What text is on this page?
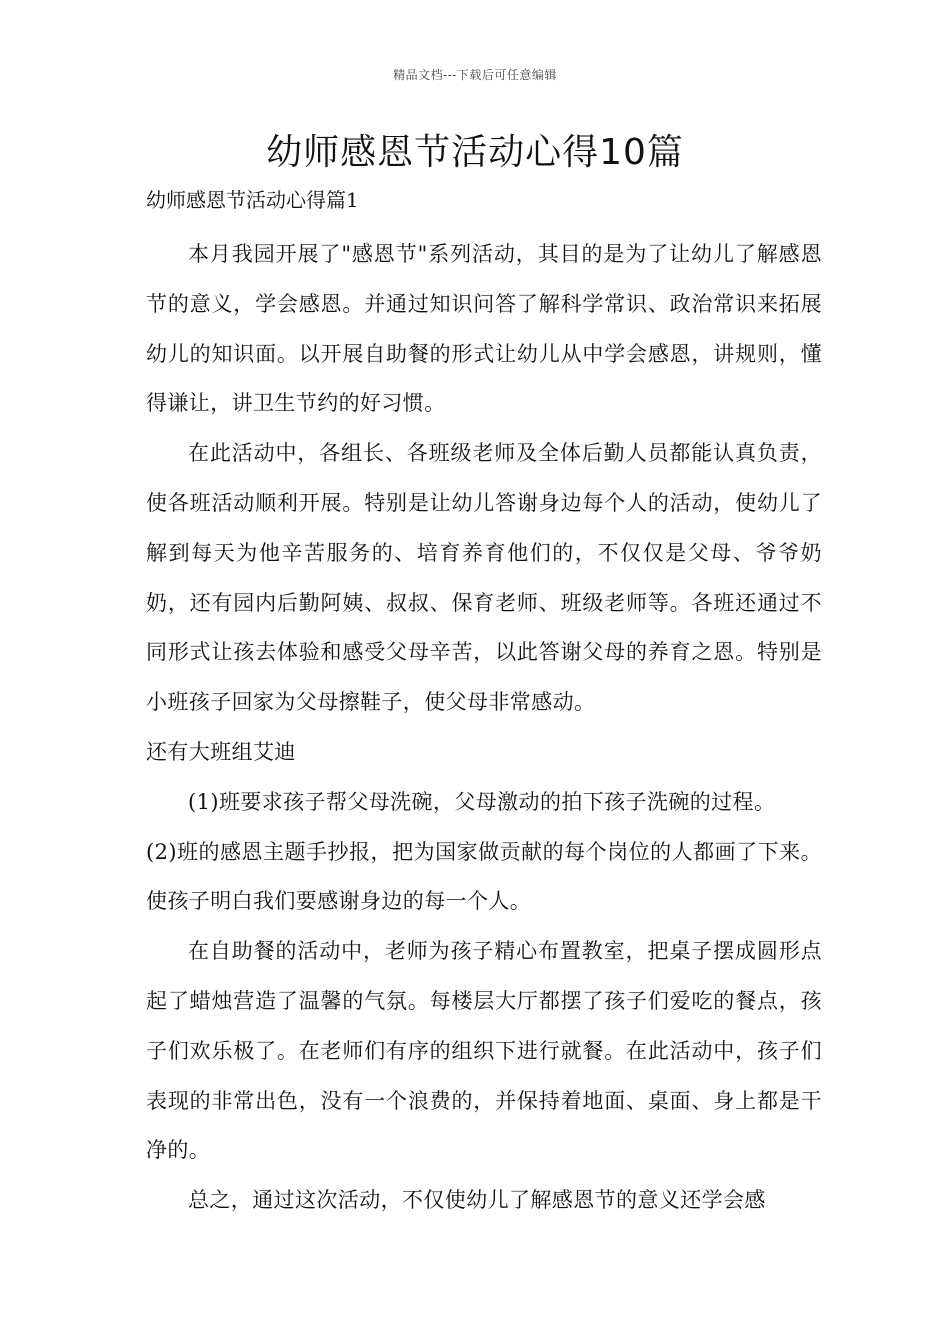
精品文档---下载后可任意编辑
幼师感恩节活动心得10篇
幼师感恩节活动心得篇1

本月我园开展了"感恩节"系列活动，其目的是为了让幼儿了解感恩节的意义，学会感恩。并通过知识问答了解科学常识、政治常识来拓展幼儿的知识面。以开展自助餐的形式让幼儿从中学会感恩，讲规则，懂得谦让，讲卫生节约的好习惯。

在此活动中，各组长、各班级老师及全体后勤人员都能认真负责，使各班活动顺利开展。特别是让幼儿答谢身边每个人的活动，使幼儿了解到每天为他辛苦服务的、培育养育他们的，不仅仅是父母、爷爷奶奶，还有园内后勤阿姨、叔叔、保育老师、班级老师等。各班还通过不同形式让孩去体验和感受父母辛苦，以此答谢父母的养育之恩。特别是小班孩子回家为父母擦鞋子，使父母非常感动。

还有大班组艾迪

(1)班要求孩子帮父母洗碗，父母激动的拍下孩子洗碗的过程。

(2)班的感恩主题手抄报，把为国家做贡献的每个岗位的人都画了下来。使孩子明白我们要感谢身边的每一个人。

在自助餐的活动中，老师为孩子精心布置教室，把桌子摆成圆形点起了蜡烛营造了温馨的气氛。每楼层大厅都摆了孩子们爱吃的餐点，孩子们欢乐极了。在老师们有序的组织下进行就餐。在此活动中，孩子们表现的非常出色，没有一个浪费的，并保持着地面、桌面、身上都是干净的。

总之，通过这次活动，不仅使幼儿了解感恩节的意义还学会感
